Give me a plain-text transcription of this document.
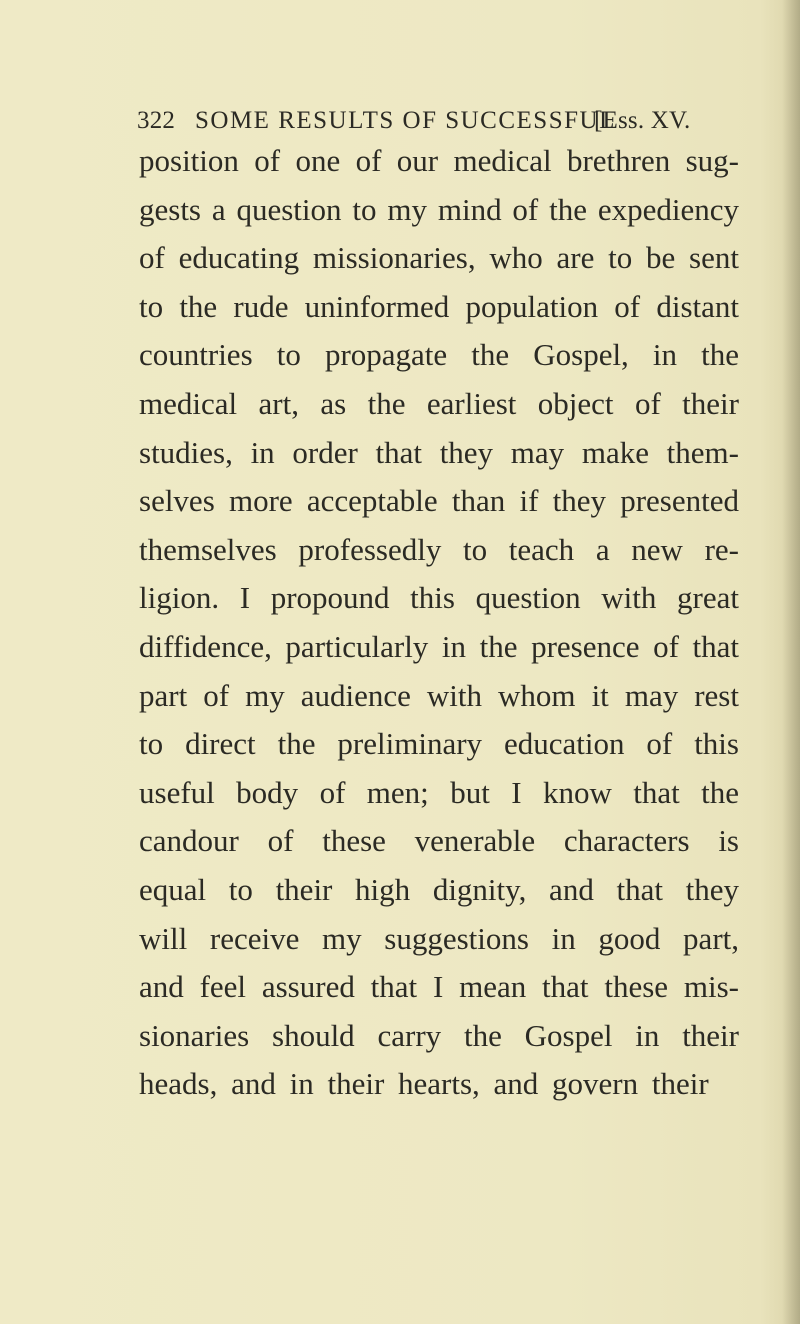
322 SOME RESULTS OF SUCCESSFUL
[Ess. XV.
position of one of our medical brethren sug-
gests a question to my mind of the expediency
of educating missionaries, who are to be sent
to the rude uninformed population of distant
countries to propagate the Gospel, in the
medical art, as the earliest object of their
studies, in order that they may make them-
selves more acceptable than if they presented
themselves professedly to teach a new re-
ligion. I propound this question with great
diffidence, particularly in the presence of that
part of my audience with whom it may rest
to direct the preliminary education of this
useful body of men; but I know that the
candour of these venerable characters is
equal to their high dignity, and that they
will receive my suggestions in good part,
and feel assured that I mean that these mis-
sionaries should carry the Gospel in their
heads, and in their hearts, and govern their
